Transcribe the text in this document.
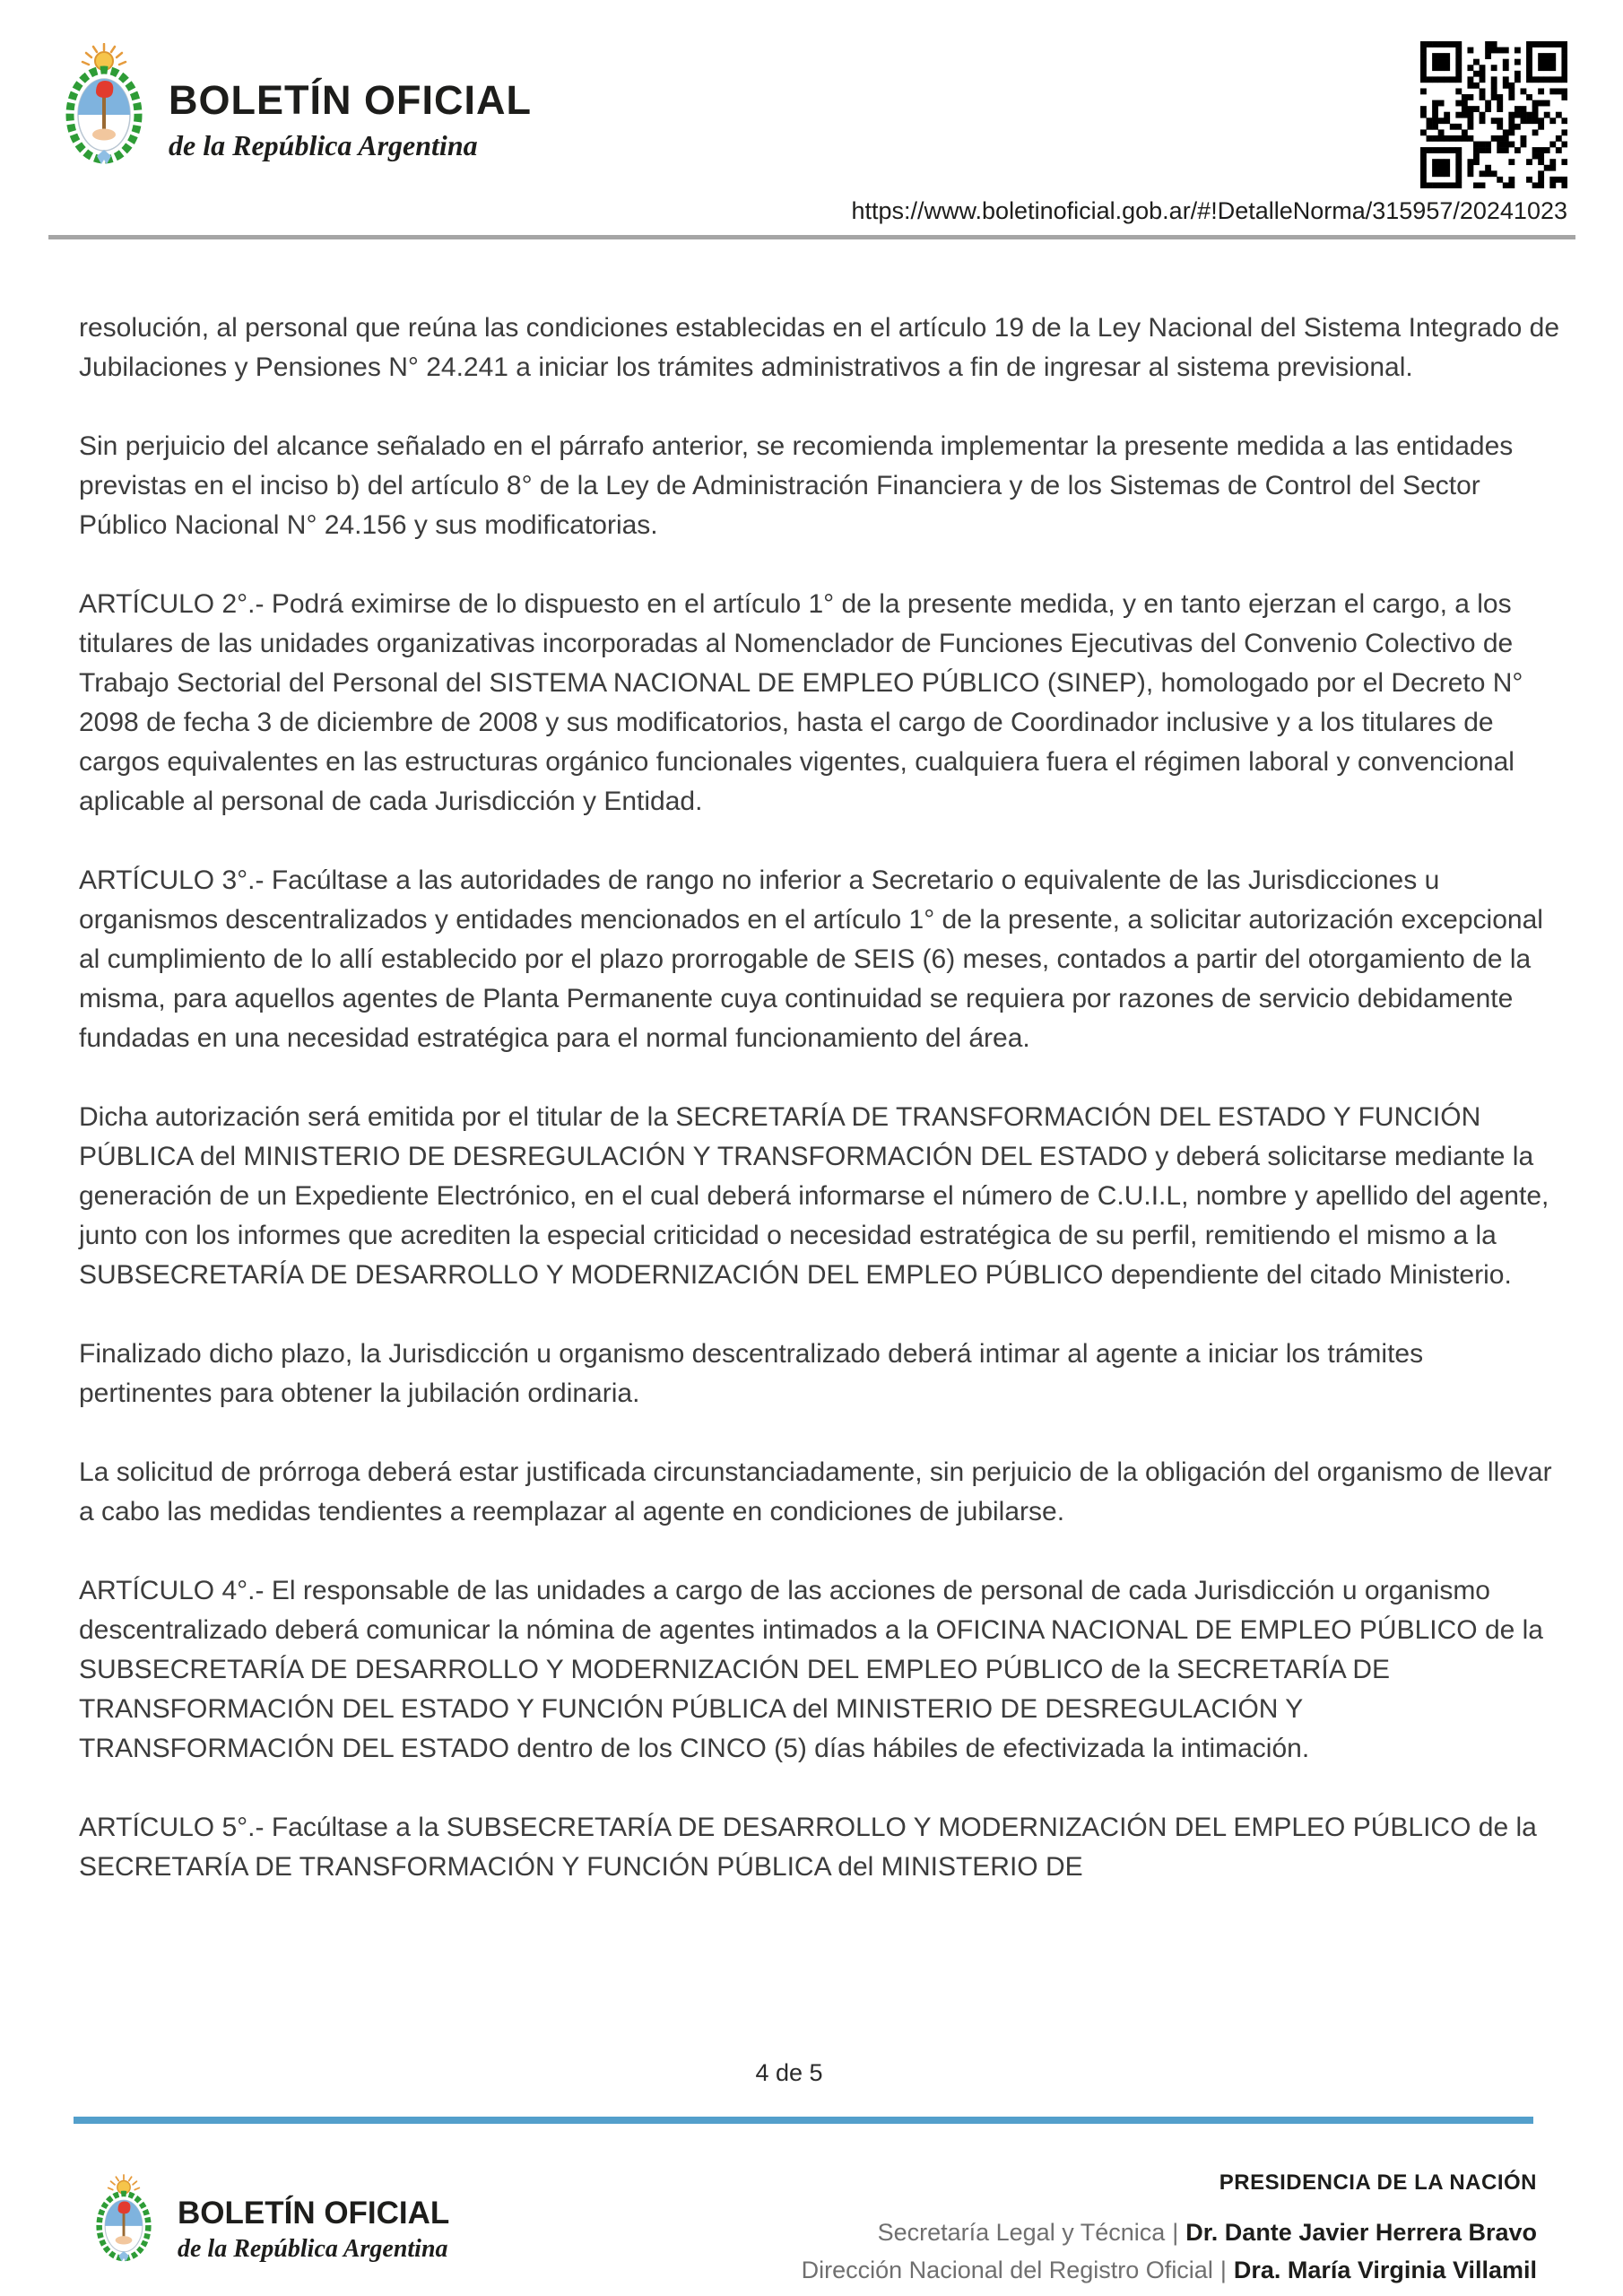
BOLETÍN OFICIAL
de la República Argentina
https://www.boletinoficial.gob.ar/#!DetalleNorma/315957/20241023

resolución, al personal que reúna las condiciones establecidas en el artículo 19 de la Ley Nacional del Sistema Integrado de Jubilaciones y Pensiones N° 24.241 a iniciar los trámites administrativos a fin de ingresar al sistema previsional.

Sin perjuicio del alcance señalado en el párrafo anterior, se recomienda implementar la presente medida a las entidades previstas en el inciso b) del artículo 8° de la Ley de Administración Financiera y de los Sistemas de Control del Sector Público Nacional N° 24.156 y sus modificatorias.

ARTÍCULO 2°.- Podrá eximirse de lo dispuesto en el artículo 1° de la presente medida, y en tanto ejerzan el cargo, a los titulares de las unidades organizativas incorporadas al Nomenclador de Funciones Ejecutivas del Convenio Colectivo de Trabajo Sectorial del Personal del SISTEMA NACIONAL DE EMPLEO PÚBLICO (SINEP), homologado por el Decreto N° 2098 de fecha 3 de diciembre de 2008 y sus modificatorios, hasta el cargo de Coordinador inclusive y a los titulares de cargos equivalentes en las estructuras orgánico funcionales vigentes, cualquiera fuera el régimen laboral y convencional aplicable al personal de cada Jurisdicción y Entidad.

ARTÍCULO 3°.- Facúltase a las autoridades de rango no inferior a Secretario o equivalente de las Jurisdicciones u organismos descentralizados y entidades mencionados en el artículo 1° de la presente, a solicitar autorización excepcional al cumplimiento de lo allí establecido por el plazo prorrogable de SEIS (6) meses, contados a partir del otorgamiento de la misma, para aquellos agentes de Planta Permanente cuya continuidad se requiera por razones de servicio debidamente fundadas en una necesidad estratégica para el normal funcionamiento del área.

Dicha autorización será emitida por el titular de la SECRETARÍA DE TRANSFORMACIÓN DEL ESTADO Y FUNCIÓN PÚBLICA del MINISTERIO DE DESREGULACIÓN Y TRANSFORMACIÓN DEL ESTADO y deberá solicitarse mediante la generación de un Expediente Electrónico, en el cual deberá informarse el número de C.U.I.L, nombre y apellido del agente, junto con los informes que acrediten la especial criticidad o necesidad estratégica de su perfil, remitiendo el mismo a la SUBSECRETARÍA DE DESARROLLO Y MODERNIZACIÓN DEL EMPLEO PÚBLICO dependiente del citado Ministerio.

Finalizado dicho plazo, la Jurisdicción u organismo descentralizado deberá intimar al agente a iniciar los trámites pertinentes para obtener la jubilación ordinaria.

La solicitud de prórroga deberá estar justificada circunstanciadamente, sin perjuicio de la obligación del organismo de llevar a cabo las medidas tendientes a reemplazar al agente en condiciones de jubilarse.

ARTÍCULO 4°.- El responsable de las unidades a cargo de las acciones de personal de cada Jurisdicción u organismo descentralizado deberá comunicar la nómina de agentes intimados a la OFICINA NACIONAL DE EMPLEO PÚBLICO de la SUBSECRETARÍA DE DESARROLLO Y MODERNIZACIÓN DEL EMPLEO PÚBLICO de la SECRETARÍA DE TRANSFORMACIÓN DEL ESTADO Y FUNCIÓN PÚBLICA del MINISTERIO DE DESREGULACIÓN Y TRANSFORMACIÓN DEL ESTADO dentro de los CINCO (5) días hábiles de efectivizada la intimación.

ARTÍCULO 5°.- Facúltase a la SUBSECRETARÍA DE DESARROLLO Y MODERNIZACIÓN DEL EMPLEO PÚBLICO de la SECRETARÍA DE TRANSFORMACIÓN Y FUNCIÓN PÚBLICA del MINISTERIO DE

4 de 5
BOLETÍN OFICIAL
de la República Argentina
PRESIDENCIA DE LA NACIÓN
Secretaría Legal y Técnica | Dr. Dante Javier Herrera Bravo
Dirección Nacional del Registro Oficial | Dra. María Virginia Villamil
